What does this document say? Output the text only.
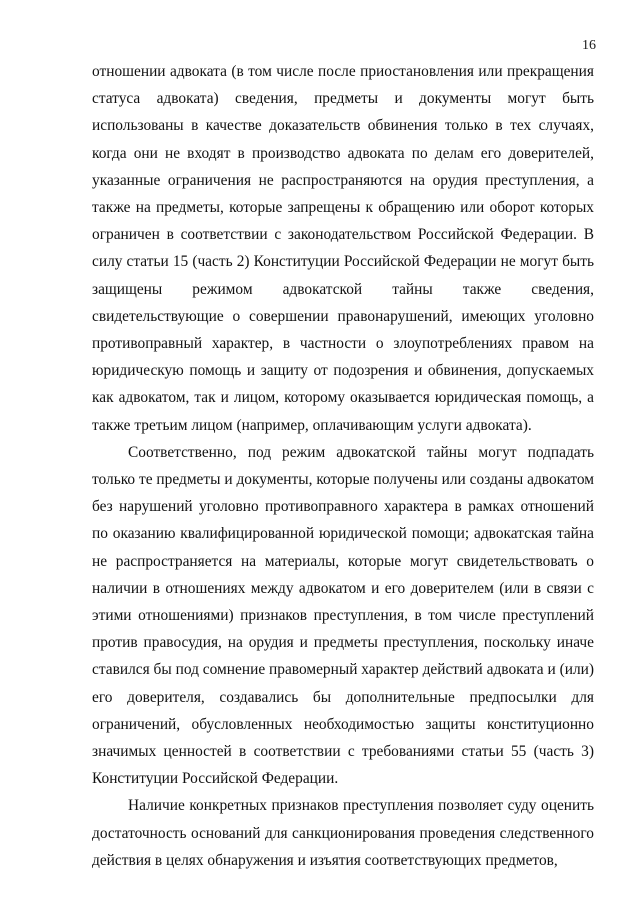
16

отношении адвоката (в том числе после приостановления или прекращения статуса адвоката) сведения, предметы и документы могут быть использованы в качестве доказательств обвинения только в тех случаях, когда они не входят в производство адвоката по делам его доверителей, указанные ограничения не распространяются на орудия преступления, а также на предметы, которые запрещены к обращению или оборот которых ограничен в соответствии с законодательством Российской Федерации. В силу статьи 15 (часть 2) Конституции Российской Федерации не могут быть защищены режимом адвокатской тайны также сведения, свидетельствующие о совершении правонарушений, имеющих уголовно противоправный характер, в частности о злоупотреблениях правом на юридическую помощь и защиту от подозрения и обвинения, допускаемых как адвокатом, так и лицом, которому оказывается юридическая помощь, а также третьим лицом (например, оплачивающим услуги адвоката).

Соответственно, под режим адвокатской тайны могут подпадать только те предметы и документы, которые получены или созданы адвокатом без нарушений уголовно противоправного характера в рамках отношений по оказанию квалифицированной юридической помощи; адвокатская тайна не распространяется на материалы, которые могут свидетельствовать о наличии в отношениях между адвокатом и его доверителем (или в связи с этими отношениями) признаков преступления, в том числе преступлений против правосудия, на орудия и предметы преступления, поскольку иначе ставился бы под сомнение правомерный характер действий адвоката и (или) его доверителя, создавались бы дополнительные предпосылки для ограничений, обусловленных необходимостью защиты конституционно значимых ценностей в соответствии с требованиями статьи 55 (часть 3) Конституции Российской Федерации.

Наличие конкретных признаков преступления позволяет суду оценить достаточность оснований для санкционирования проведения следственного действия в целях обнаружения и изъятия соответствующих предметов,
